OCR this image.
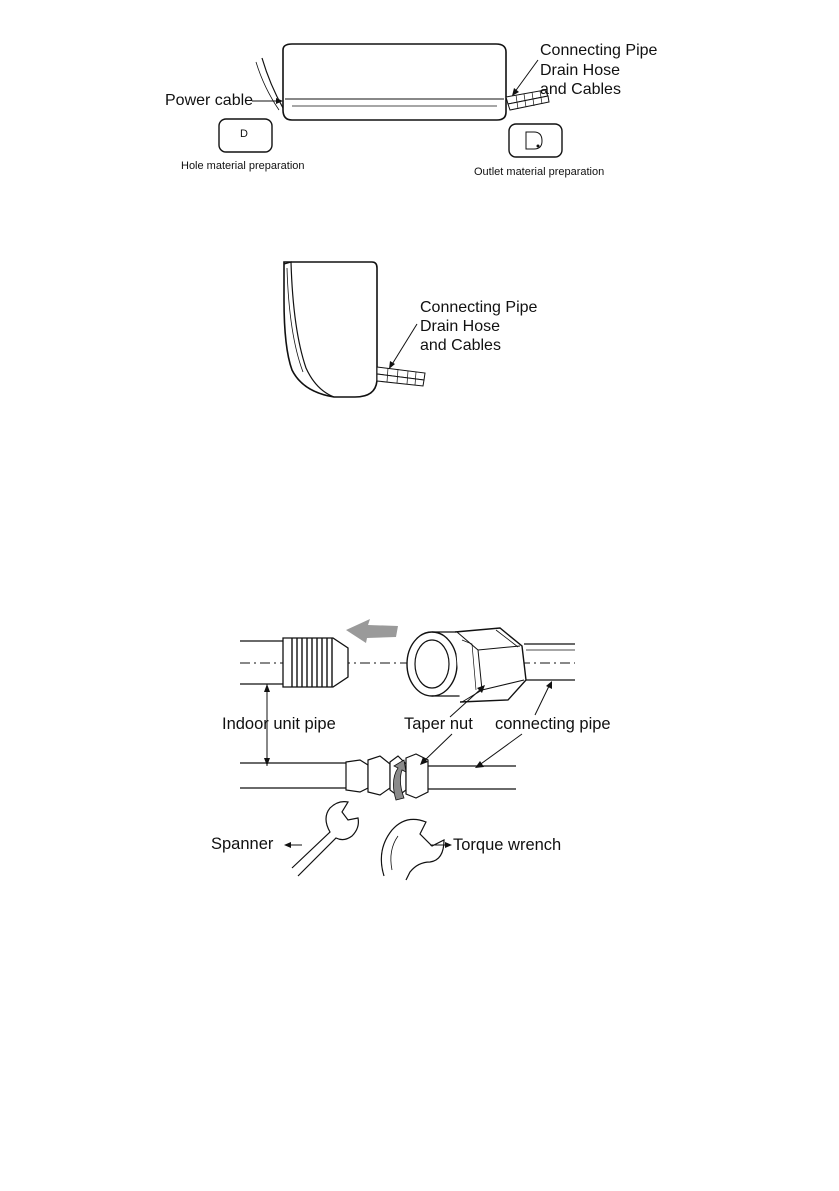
Power cable
Connecting Pipe
Drain Hose
and Cables
D
Hole material preparation	Outlet material preparation
Connecting Pipe
Drain Hose
and Cables
Indoor unit pipe	Taper nut connecting pipe
Spanner	Torque wrench
